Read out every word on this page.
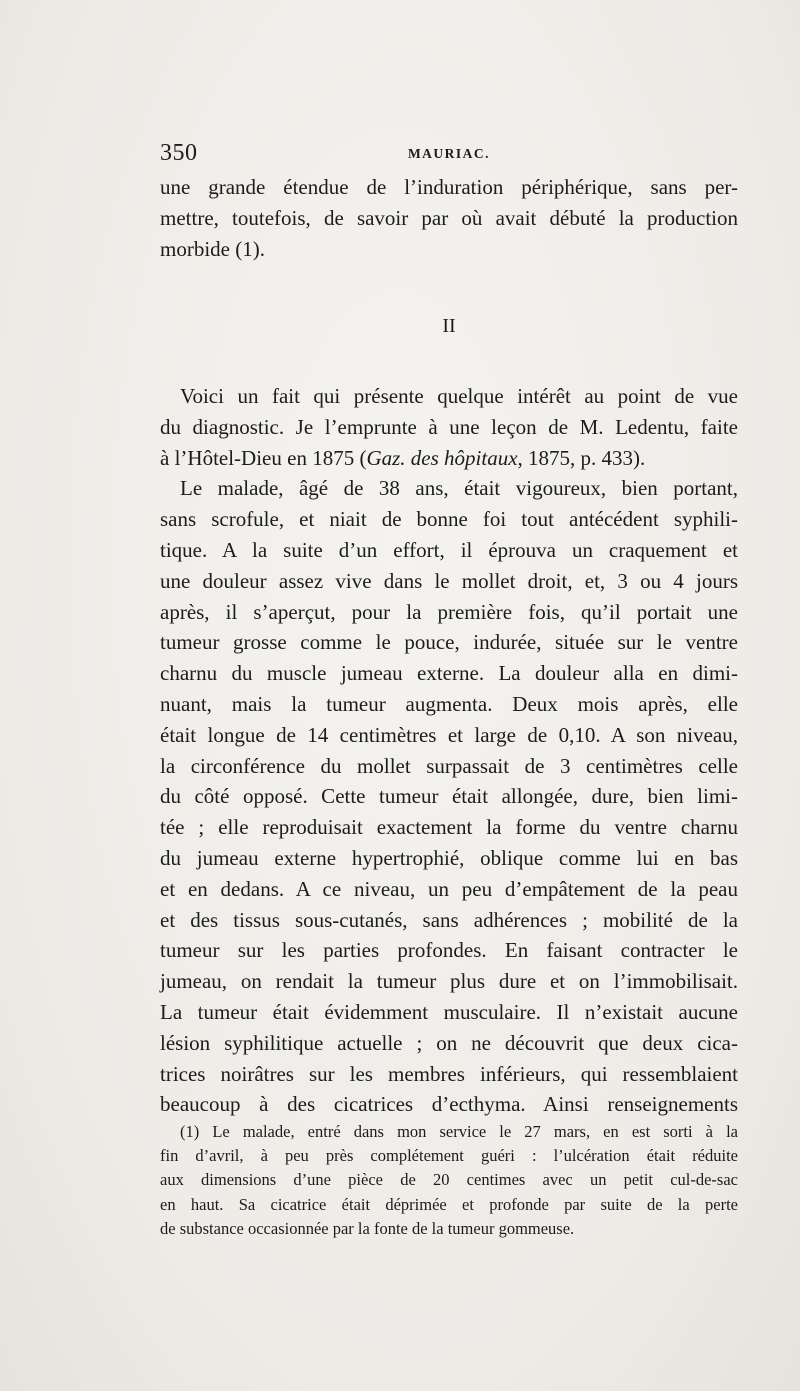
350	MAURIAC.
une grande étendue de l’induration périphérique, sans per-
mettre, toutefois, de savoir par où avait débuté la production
morbide (1).
II
Voici un fait qui présente quelque intérêt au point de vue
du diagnostic. Je l’emprunte à une leçon de M. Ledentu, faite
à l’Hôtel-Dieu en 1875 (Gaz. des hôpitaux, 1875, p. 433).
Le malade, âgé de 38 ans, était vigoureux, bien portant,
sans scrofule, et niait de bonne foi tout antécédent syphili-
tique. A la suite d’un effort, il éprouva un craquement et
une douleur assez vive dans le mollet droit, et, 3 ou 4 jours
après, il s’aperçut, pour la première fois, qu’il portait une
tumeur grosse comme le pouce, indurée, située sur le ventre
charnu du muscle jumeau externe. La douleur alla en dimi-
nuant, mais la tumeur augmenta. Deux mois après, elle
était longue de 14 centimètres et large de 0,10. A son niveau,
la circonférence du mollet surpassait de 3 centimètres celle
du côté opposé. Cette tumeur était allongée, dure, bien limi-
tée ; elle reproduisait exactement la forme du ventre charnu
du jumeau externe hypertrophié, oblique comme lui en bas
et en dedans. A ce niveau, un peu d’empâtement de la peau
et des tissus sous-cutanés, sans adhérences ; mobilité de la
tumeur sur les parties profondes. En faisant contracter le
jumeau, on rendait la tumeur plus dure et on l’immobilisait.
La tumeur était évidemment musculaire. Il n’existait aucune
lésion syphilitique actuelle ; on ne découvrit que deux cica-
trices noirâtres sur les membres inférieurs, qui ressemblaient
beaucoup à des cicatrices d’ecthyma. Ainsi renseignements
(1) Le malade, entré dans mon service le 27 mars, en est sorti à la
fin d’avril, à peu près complétement guéri : l’ulcération était réduite
aux dimensions d’une pièce de 20 centimes avec un petit cul-de-sac
en haut. Sa cicatrice était déprimée et profonde par suite de la perte
de substance occasionnée par la fonte de la tumeur gommeuse.
